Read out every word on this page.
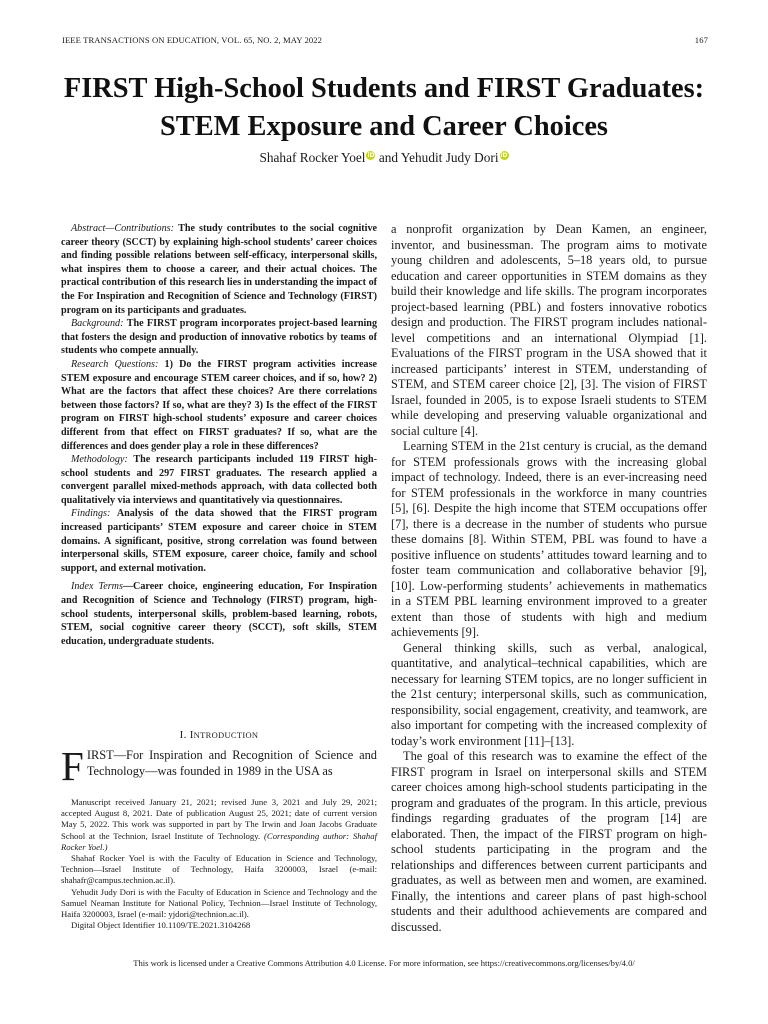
IEEE TRANSACTIONS ON EDUCATION, VOL. 65, NO. 2, MAY 2022	167
FIRST High-School Students and FIRST Graduates:
STEM Exposure and Career Choices
Shahaf Rocker Yoel iD and Yehudit Judy Dori iD

Abstract—Contributions: The study contributes to the social cognitive career theory (SCCT) by explaining high-school students’ career choices and finding possible relations between self-efficacy, interpersonal skills, what inspires them to choose a career, and their actual choices. The practical contribution of this research lies in understanding the impact of the For Inspiration and Recognition of Science and Technology (FIRST) program on its participants and graduates.

Background: The FIRST program incorporates project-based learning that fosters the design and production of innovative robotics by teams of students who compete annually.

Research Questions: 1) Do the FIRST program activities increase STEM exposure and encourage STEM career choices, and if so, how? 2) What are the factors that affect these choices? Are there correlations between those factors? If so, what are they? 3) Is the effect of the FIRST program on FIRST high-school students’ exposure and career choices different from that effect on FIRST graduates? If so, what are the differences and does gender play a role in these differences?

Methodology: The research participants included 119 FIRST high-school students and 297 FIRST graduates. The research applied a convergent parallel mixed-methods approach, with data collected both qualitatively via interviews and quantitatively via questionnaires.

Findings: Analysis of the data showed that the FIRST program increased participants’ STEM exposure and career choice in STEM domains. A significant, positive, strong correlation was found between interpersonal skills, STEM exposure, career choice, family and school support, and external motivation.

Index Terms—Career choice, engineering education, For Inspiration and Recognition of Science and Technology (FIRST) program, high-school students, interpersonal skills, problem-based learning, robots, STEM, social cognitive career theory (SCCT), soft skills, STEM education, undergraduate students.

I. INTRODUCTION
FIRST—For Inspiration and Recognition of Science and Technology—was founded in 1989 in the USA as

Manuscript received January 21, 2021; revised June 3, 2021 and July 29, 2021; accepted August 8, 2021. Date of publication August 25, 2021; date of current version May 5, 2022. This work was supported in part by The Irwin and Joan Jacobs Graduate School at the Technion, Israel Institute of Technology. (Corresponding author: Shahaf Rocker Yoel.)

Shahaf Rocker Yoel is with the Faculty of Education in Science and Technology, Technion—Israel Institute of Technology, Haifa 3200003, Israel (e-mail: shahafr@campus.technion.ac.il).

Yehudit Judy Dori is with the Faculty of Education in Science and Technology and the Samuel Neaman Institute for National Policy, Technion—Israel Institute of Technology, Haifa 3200003, Israel (e-mail: yjdori@technion.ac.il).

Digital Object Identifier 10.1109/TE.2021.3104268

a nonprofit organization by Dean Kamen, an engineer, inventor, and businessman. The program aims to motivate young children and adolescents, 5–18 years old, to pursue education and career opportunities in STEM domains as they build their knowledge and life skills. The program incorporates project-based learning (PBL) and fosters innovative robotics design and production. The FIRST program includes national-level competitions and an international Olympiad [1]. Evaluations of the FIRST program in the USA showed that it increased participants’ interest in STEM, understanding of STEM, and STEM career choice [2], [3]. The vision of FIRST Israel, founded in 2005, is to expose Israeli students to STEM while developing and preserving valuable organizational and social culture [4].

Learning STEM in the 21st century is crucial, as the demand for STEM professionals grows with the increasing global impact of technology. Indeed, there is an ever-increasing need for STEM professionals in the workforce in many countries [5], [6]. Despite the high income that STEM occupations offer [7], there is a decrease in the number of students who pursue these domains [8]. Within STEM, PBL was found to have a positive influence on students’ attitudes toward learning and to foster team communication and collaborative behavior [9], [10]. Low-performing students’ achievements in mathematics in a STEM PBL learning environment improved to a greater extent than those of students with high and medium achievements [9].

General thinking skills, such as verbal, analogical, quantitative, and analytical–technical capabilities, which are necessary for learning STEM topics, are no longer sufficient in the 21st century; interpersonal skills, such as communication, responsibility, social engagement, creativity, and teamwork, are also important for competing with the increased complexity of today’s work environment [11]–[13].

The goal of this research was to examine the effect of the FIRST program in Israel on interpersonal skills and STEM career choices among high-school students participating in the program and graduates of the program. In this article, previous findings regarding graduates of the program [14] are elaborated. Then, the impact of the FIRST program on high-school students participating in the program and the relationships and differences between current participants and graduates, as well as between men and women, are examined. Finally, the intentions and career plans of past high-school students and their adulthood achievements are compared and discussed.

This work is licensed under a Creative Commons Attribution 4.0 License. For more information, see https://creativecommons.org/licenses/by/4.0/
